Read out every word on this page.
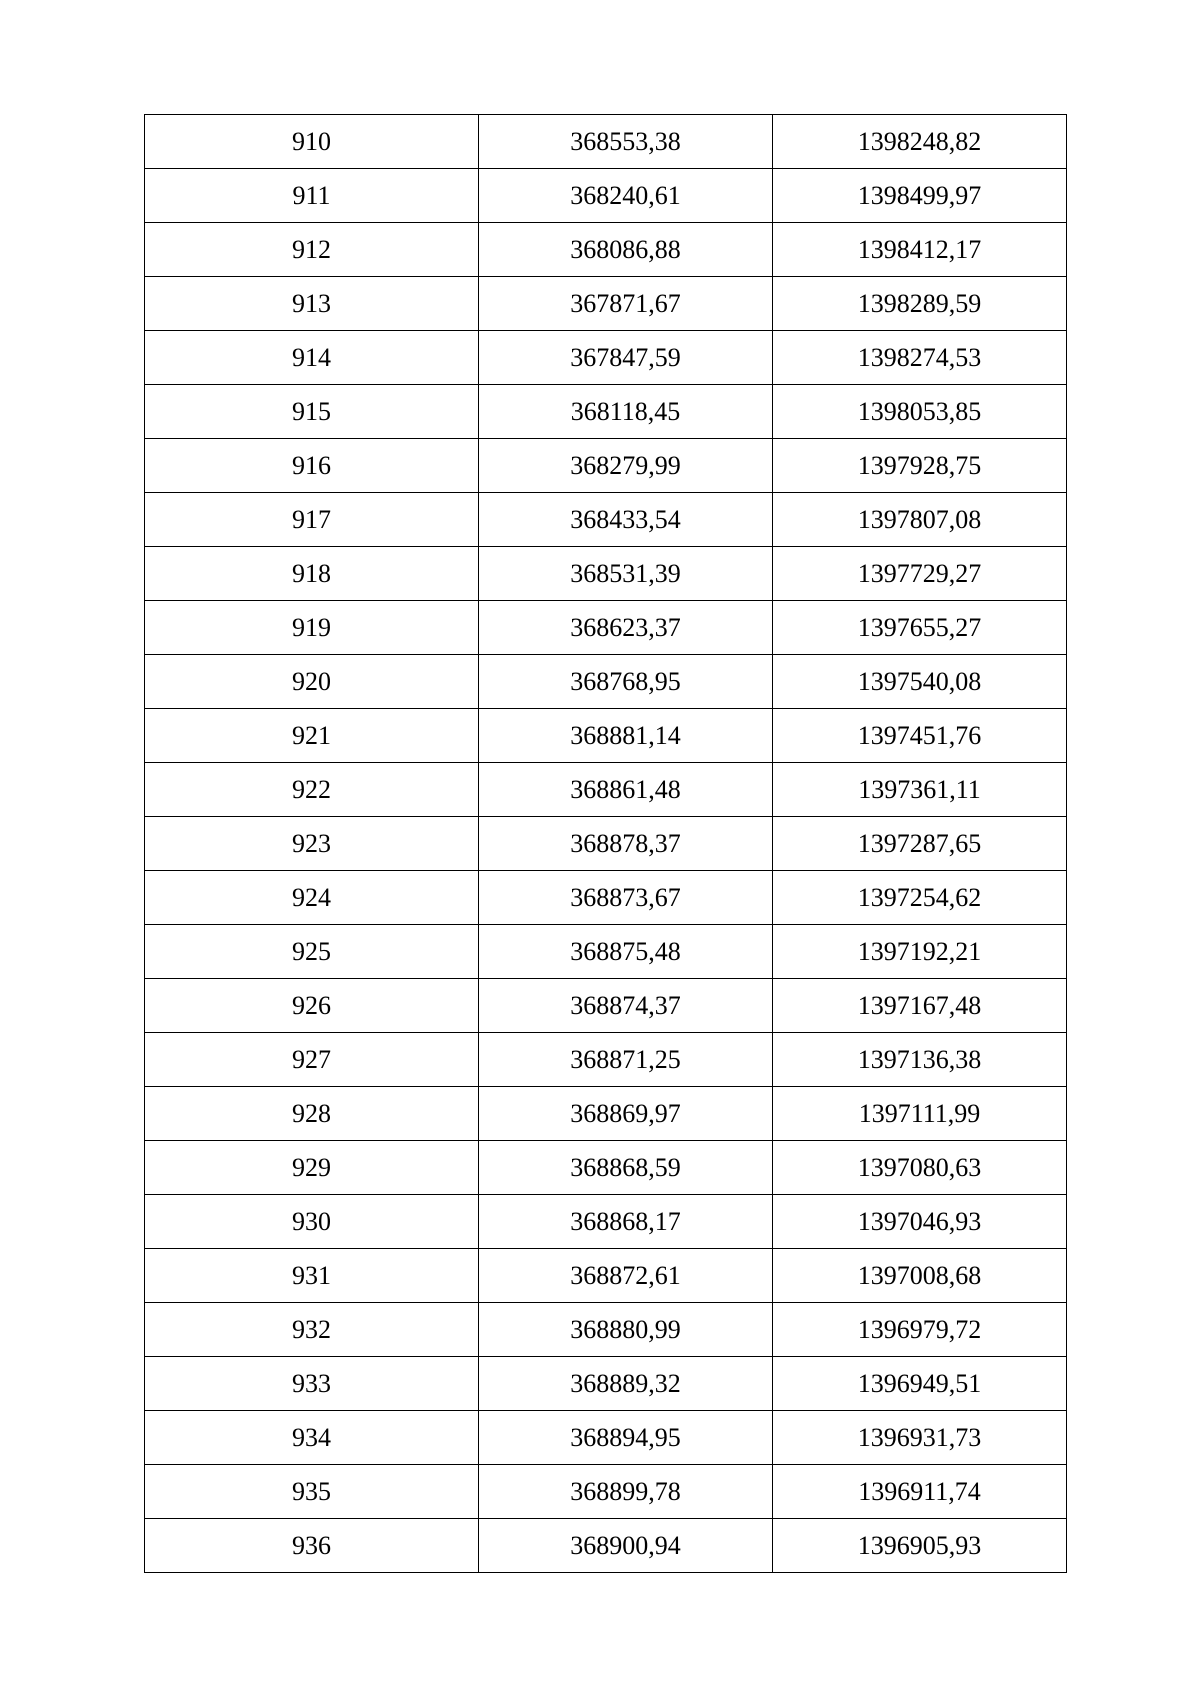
910	368553,38	1398248,82
911	368240,61	1398499,97
912	368086,88	1398412,17
913	367871,67	1398289,59
914	367847,59	1398274,53
915	368118,45	1398053,85
916	368279,99	1397928,75
917	368433,54	1397807,08
918	368531,39	1397729,27
919	368623,37	1397655,27
920	368768,95	1397540,08
921	368881,14	1397451,76
922	368861,48	1397361,11
923	368878,37	1397287,65
924	368873,67	1397254,62
925	368875,48	1397192,21
926	368874,37	1397167,48
927	368871,25	1397136,38
928	368869,97	1397111,99
929	368868,59	1397080,63
930	368868,17	1397046,93
931	368872,61	1397008,68
932	368880,99	1396979,72
933	368889,32	1396949,51
934	368894,95	1396931,73
935	368899,78	1396911,74
936	368900,94	1396905,93
